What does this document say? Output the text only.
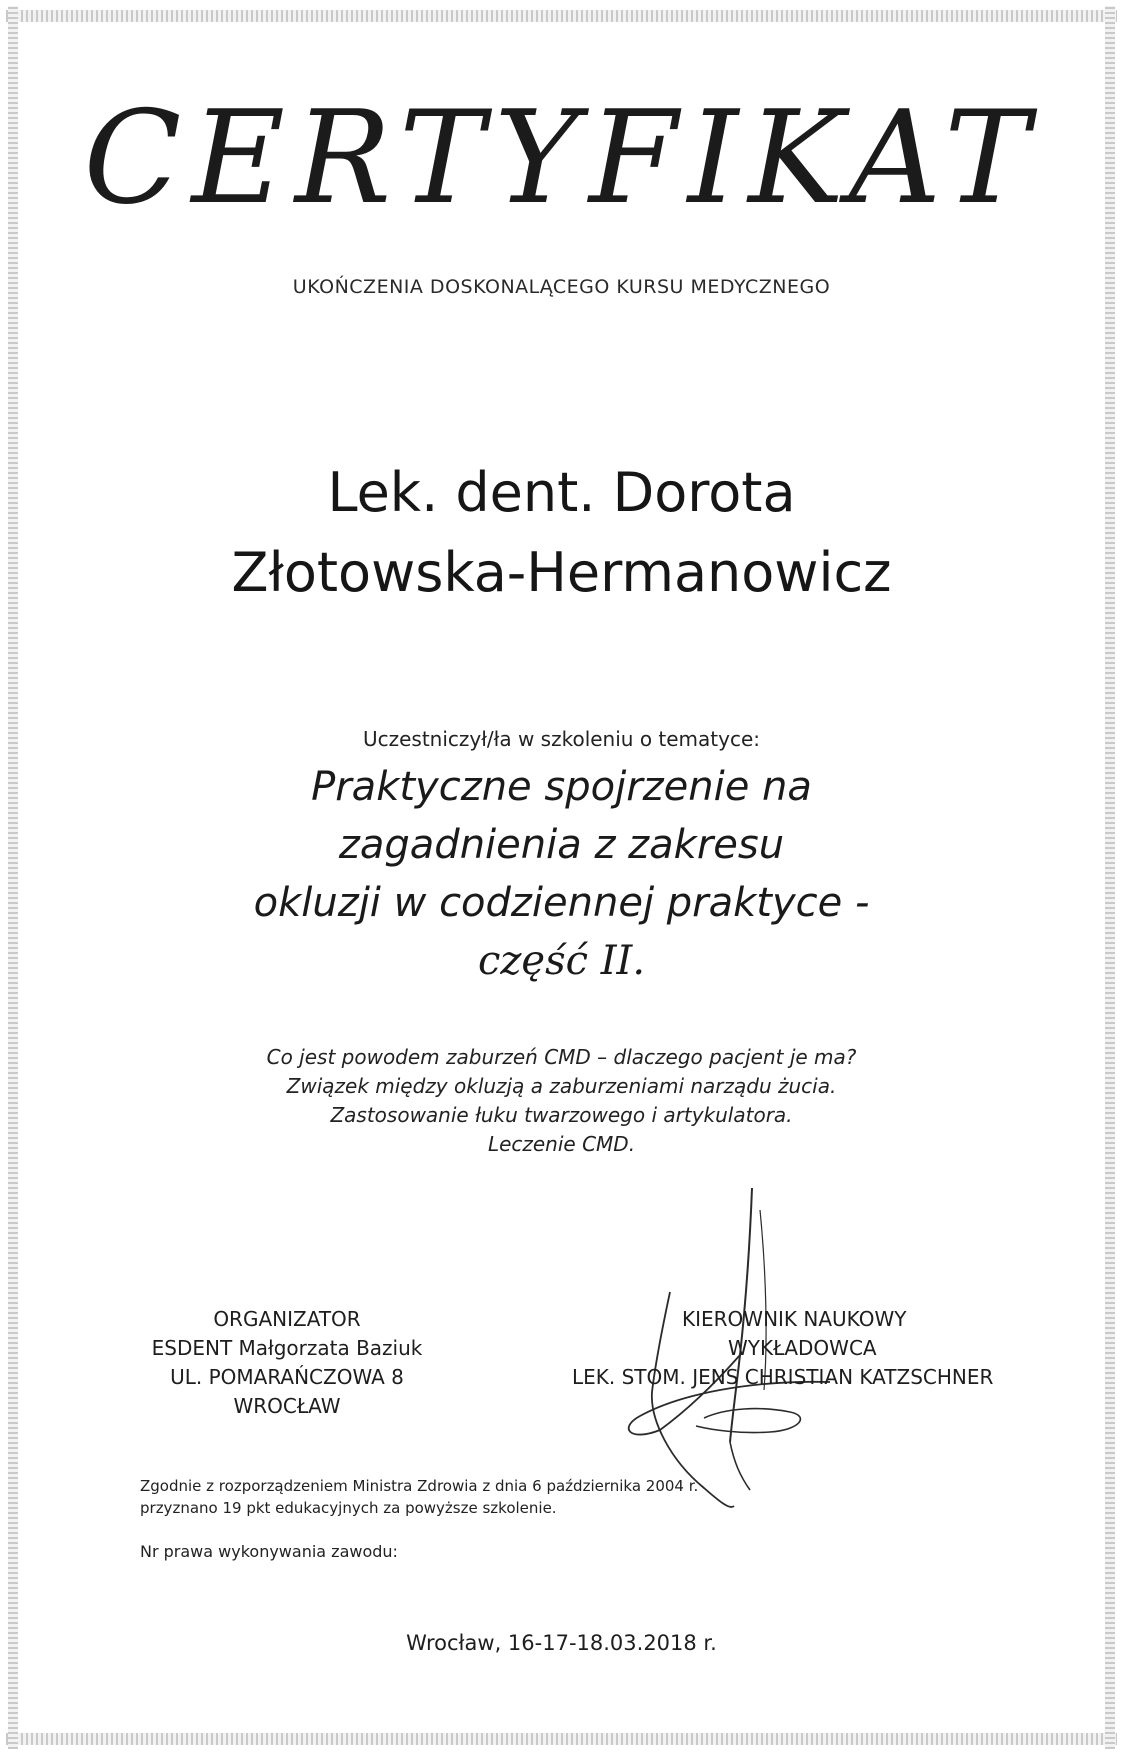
CERTYFIKAT
UKOŃCZENIA DOSKONALĄCEGO KURSU MEDYCZNEGO
Lek. dent. Dorota
Złotowska-Hermanowicz
Uczestniczył/ła w szkoleniu o tematyce:
Praktyczne spojrzenie na
zagadnienia z zakresu
okluzji w codziennej praktyce -
część II.
Co jest powodem zaburzeń CMD – dlaczego pacjent je ma?
Związek między okluzją a zaburzeniami narządu żucia.
Zastosowanie łuku twarzowego i artykulatora.
Leczenie CMD.
ORGANIZATOR
ESDENT Małgorzata Baziuk
UL. POMARAŃCZOWA 8
WROCŁAW
KIEROWNIK NAUKOWY
WYKŁADOWCA
LEK. STOM. JENS CHRISTIAN KATZSCHNER
Zgodnie z rozporządzeniem Ministra Zdrowia z dnia 6 października 2004 r.
przyznano 19 pkt edukacyjnych za powyższe szkolenie.
Nr prawa wykonywania zawodu:
Wrocław, 16-17-18.03.2018 r.
